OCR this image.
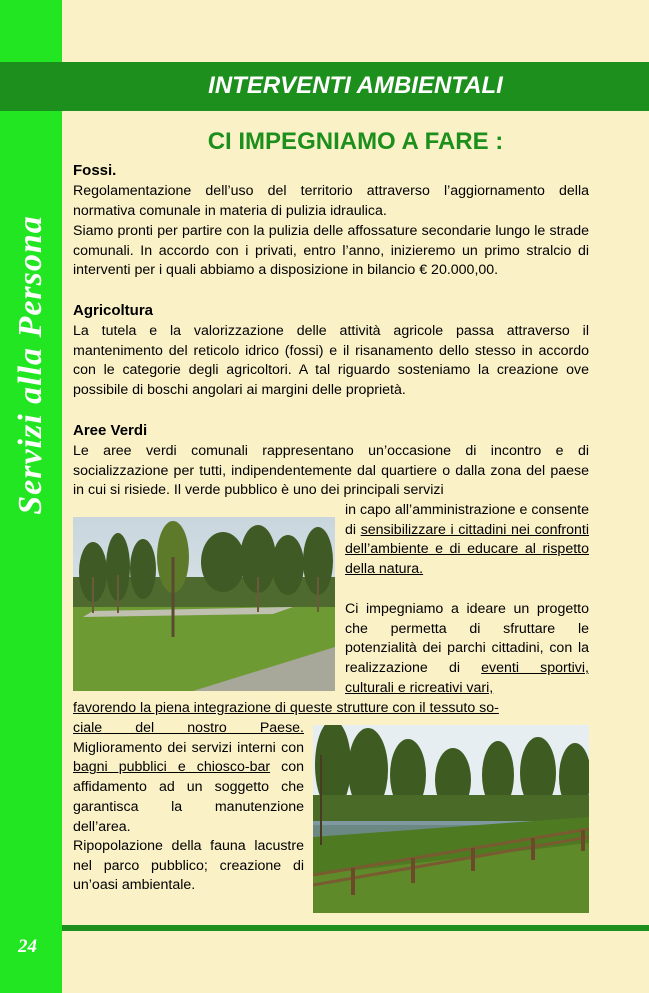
Servizi alla Persona
24
INTERVENTI AMBIENTALI
CI IMPEGNIAMO A FARE :
Fossi.
Regolamentazione dell’uso del territorio attraverso l’aggiornamento della normativa comunale in materia di pulizia idraulica.
Siamo pronti per partire con la pulizia delle affossature secondarie lungo le strade comunali. In accordo con i privati, entro l’anno, inizieremo un primo stralcio di interventi per i quali abbiamo a disposizione in bilancio € 20.000,00.
Agricoltura
La tutela e la valorizzazione delle attività agricole passa attraverso il mantenimento del reticolo idrico (fossi) e il risanamento dello stesso in accordo con le categorie degli agricoltori. A tal riguardo sosteniamo la creazione ove possibile di boschi angolari ai margini delle proprietà.
Aree Verdi
Le aree verdi comunali rappresentano un’occasione di incontro e di socializzazione per tutti, indipendentemente dal quartiere o dalla zona del paese in cui si risiede. Il verde pubblico è uno dei principali servizi
in capo all’amministrazione e consente di sensibilizzare i cittadini nei confronti dell’ambiente e di educare al rispetto della natura.
Ci impegniamo a ideare un progetto che permetta di sfruttare le potenzialità dei parchi cittadini, con la realizzazione di eventi sportivi, culturali e ricreativi vari,
favorendo la piena integrazione di queste strutture con il tessuto so-
ciale del nostro Paese. Miglioramento dei servizi interni con bagni pubblici e chiosco-bar con affidamento ad un soggetto che garantisca la manutenzione dell’area.
Ripopolazione della fauna lacustre nel parco pubblico; creazione di un’oasi ambientale.
